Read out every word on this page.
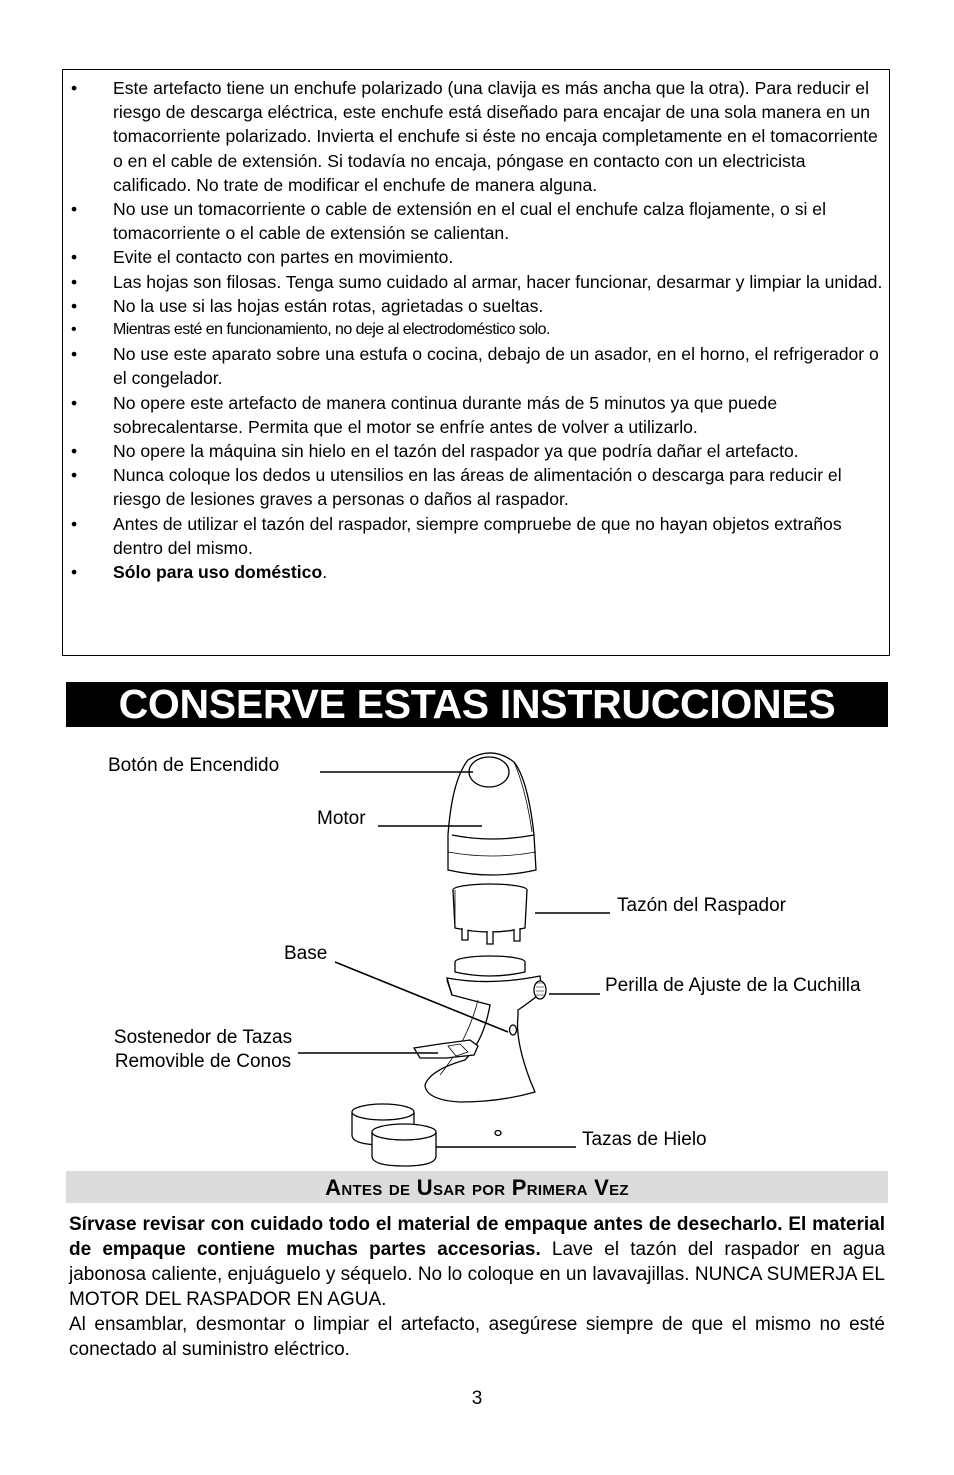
• Este artefacto tiene un enchufe polarizado (una clavija es más ancha que la otra). Para reducir el riesgo de descarga eléctrica, este enchufe está diseñado para encajar de una sola manera en un tomacorriente polarizado. Invierta el enchufe si éste no encaja completamente en el tomacorriente o en el cable de extensión. Si todavía no encaja, póngase en contacto con un electricista calificado. No trate de modificar el enchufe de manera alguna.
• No use un tomacorriente o cable de extensión en el cual el enchufe calza flojamente, o si el tomacorriente o el cable de extensión se calientan.
• Evite el contacto con partes en movimiento.
• Las hojas son filosas. Tenga sumo cuidado al armar, hacer funcionar, desarmar y limpiar la unidad.
• No la use si las hojas están rotas, agrietadas o sueltas.
• Mientras esté en funcionamiento, no deje al electrodoméstico solo.
• No use este aparato sobre una estufa o cocina, debajo de un asador, en el horno, el refrigerador o el congelador.
• No opere este artefacto de manera continua durante más de 5 minutos ya que puede sobrecalentarse. Permita que el motor se enfríe antes de volver a utilizarlo.
• No opere la máquina sin hielo en el tazón del raspador ya que podría dañar el artefacto.
• Nunca coloque los dedos u utensilios en las áreas de alimentación o descarga para reducir el riesgo de lesiones graves a personas o daños al raspador.
• Antes de utilizar el tazón del raspador, siempre compruebe de que no hayan objetos extraños dentro del mismo.
• Sólo para uso doméstico.
CONSERVE ESTAS INSTRUCCIONES
Botón de Encendido
Motor
Tazón del Raspador
Base
Perilla de Ajuste de la Cuchilla
Sostenedor de Tazas
Removible de Conos
Tazas de Hielo
Antes de Usar por Primera Vez

Sírvase revisar con cuidado todo el material de empaque antes de desecharlo. El material de empaque contiene muchas partes accesorias. Lave el tazón del raspador en agua jabonosa caliente, enjuáguelo y séquelo. No lo coloque en un lavavajillas. NUNCA SUMERJA EL MOTOR DEL RASPADOR EN AGUA.

Al ensamblar, desmontar o limpiar el artefacto, asegúrese siempre de que el mismo no esté conectado al suministro eléctrico.

3
